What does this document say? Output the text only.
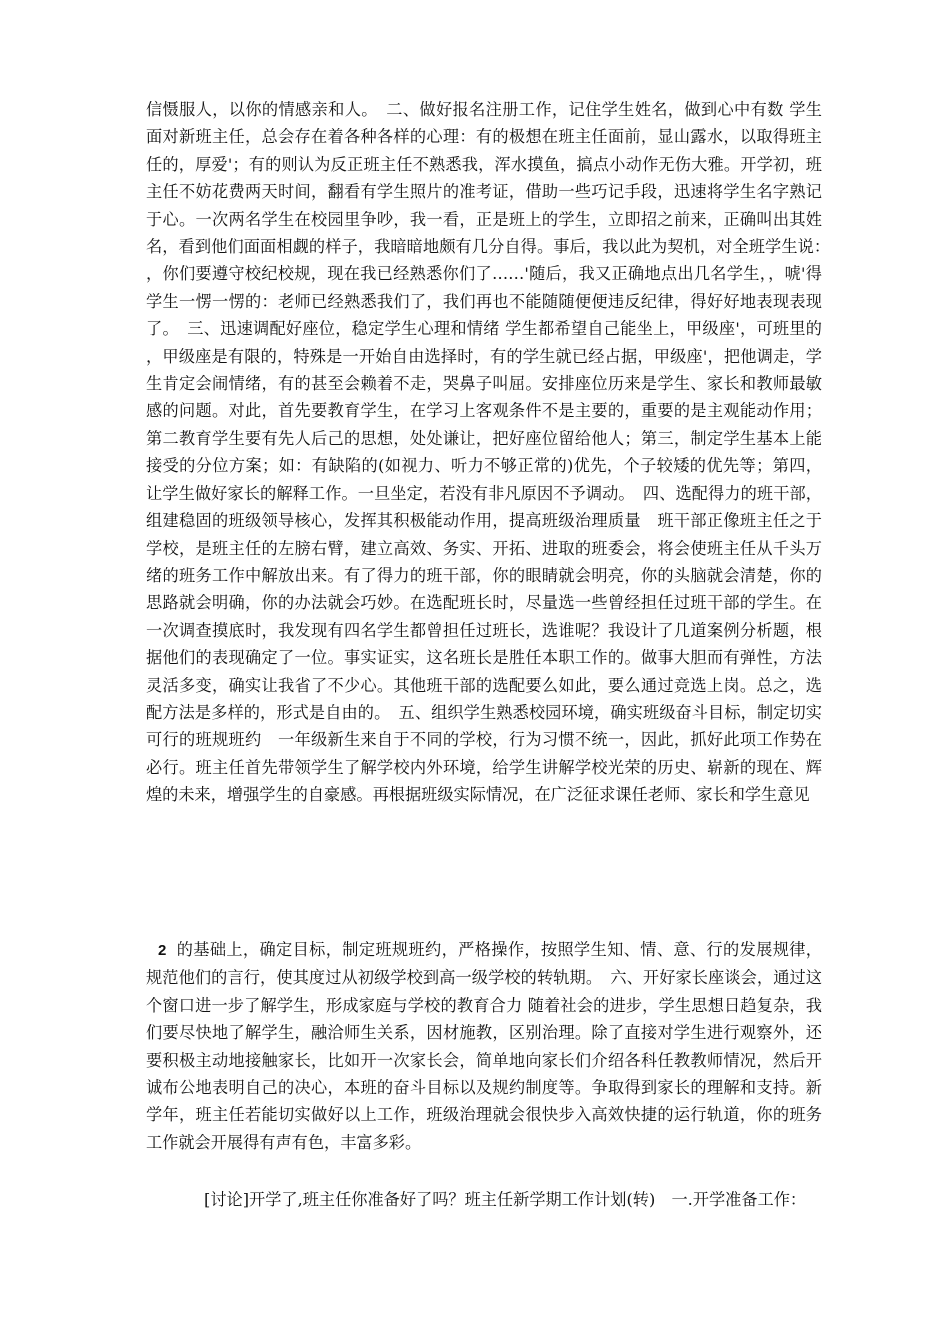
信慑服人，以你的情感亲和人。　二、做好报名注册工作，记住学生姓名，做到心中有数 学生面对新班主任，总会存在着各种各样的心理：有的极想在班主任面前，显山露水，以取得班主任的，厚爱'；有的则认为反正班主任不熟悉我，浑水摸鱼，搞点小动作无伤大雅。开学初，班主任不妨花费两天时间，翻看有学生照片的准考证，借助一些巧记手段，迅速将学生名字熟记于心。一次两名学生在校园里争吵，我一看，正是班上的学生，立即招之前来，正确叫出其姓名，看到他们面面相觑的样子，我暗暗地颇有几分自得。事后，我以此为契机，对全班学生说：，你们要遵守校纪校规，现在我已经熟悉你们了……'随后，我又正确地点出几名学生，，唬'得学生一愣一愣的：老师已经熟悉我们了，我们再也不能随随便便违反纪律，得好好地表现表现了。　三、迅速调配好座位，稳定学生心理和情绪 学生都希望自己能坐上，甲级座'，可班里的，甲级座是有限的，特殊是一开始自由选择时，有的学生就已经占据，甲级座'，把他调走，学生肯定会闹情绪，有的甚至会赖着不走，哭鼻子叫屈。安排座位历来是学生、家长和教师最敏感的问题。对此，首先要教育学生，在学习上客观条件不是主要的，重要的是主观能动作用；第二教育学生要有先人后己的思想，处处谦让，把好座位留给他人；第三，制定学生基本上能接受的分位方案；如：有缺陷的(如视力、听力不够正常的)优先，个子较矮的优先等；第四，让学生做好家长的解释工作。一旦坐定，若没有非凡原因不予调动。　四、选配得力的班干部，组建稳固的班级领导核心，发挥其积极能动作用，提高班级治理质量　班干部正像班主任之于学校，是班主任的左膀右臂，建立高效、务实、开拓、进取的班委会，将会使班主任从千头万绪的班务工作中解放出来。有了得力的班干部，你的眼睛就会明亮，你的头脑就会清楚，你的思路就会明确，你的办法就会巧妙。在选配班长时，尽量选一些曾经担任过班干部的学生。在一次调查摸底时，我发现有四名学生都曾担任过班长，选谁呢？我设计了几道案例分析题，根据他们的表现确定了一位。事实证实，这名班长是胜任本职工作的。做事大胆而有弹性，方法灵活多变，确实让我省了不少心。其他班干部的选配要么如此，要么通过竞选上岗。总之，选配方法是多样的，形式是自由的。　五、组织学生熟悉校园环境，确实班级奋斗目标，制定切实可行的班规班约　一年级新生来自于不同的学校，行为习惯不统一，因此，抓好此项工作势在必行。班主任首先带领学生了解学校内外环境，给学生讲解学校光荣的历史、崭新的现在、辉煌的未来，增强学生的自豪感。再根据班级实际情况，在广泛征求课任老师、家长和学生意见

2 的基础上，确定目标，制定班规班约，严格操作，按照学生知、情、意、行的发展规律，规范他们的言行，使其度过从初级学校到高一级学校的转轨期。　六、开好家长座谈会，通过这个窗口进一步了解学生，形成家庭与学校的教育合力 随着社会的进步，学生思想日趋复杂，我们要尽快地了解学生，融洽师生关系，因材施教，区别治理。除了直接对学生进行观察外，还要积极主动地接触家长，比如开一次家长会，简单地向家长们介绍各科任教教师情况，然后开诚布公地表明自己的决心，本班的奋斗目标以及规约制度等。争取得到家长的理解和支持。新学年，班主任若能切实做好以上工作，班级治理就会很快步入高效快捷的运行轨道，你的班务工作就会开展得有声有色，丰富多彩。

[讨论]开学了,班主任你准备好了吗？班主任新学期工作计划(转)　一.开学准备工作：
